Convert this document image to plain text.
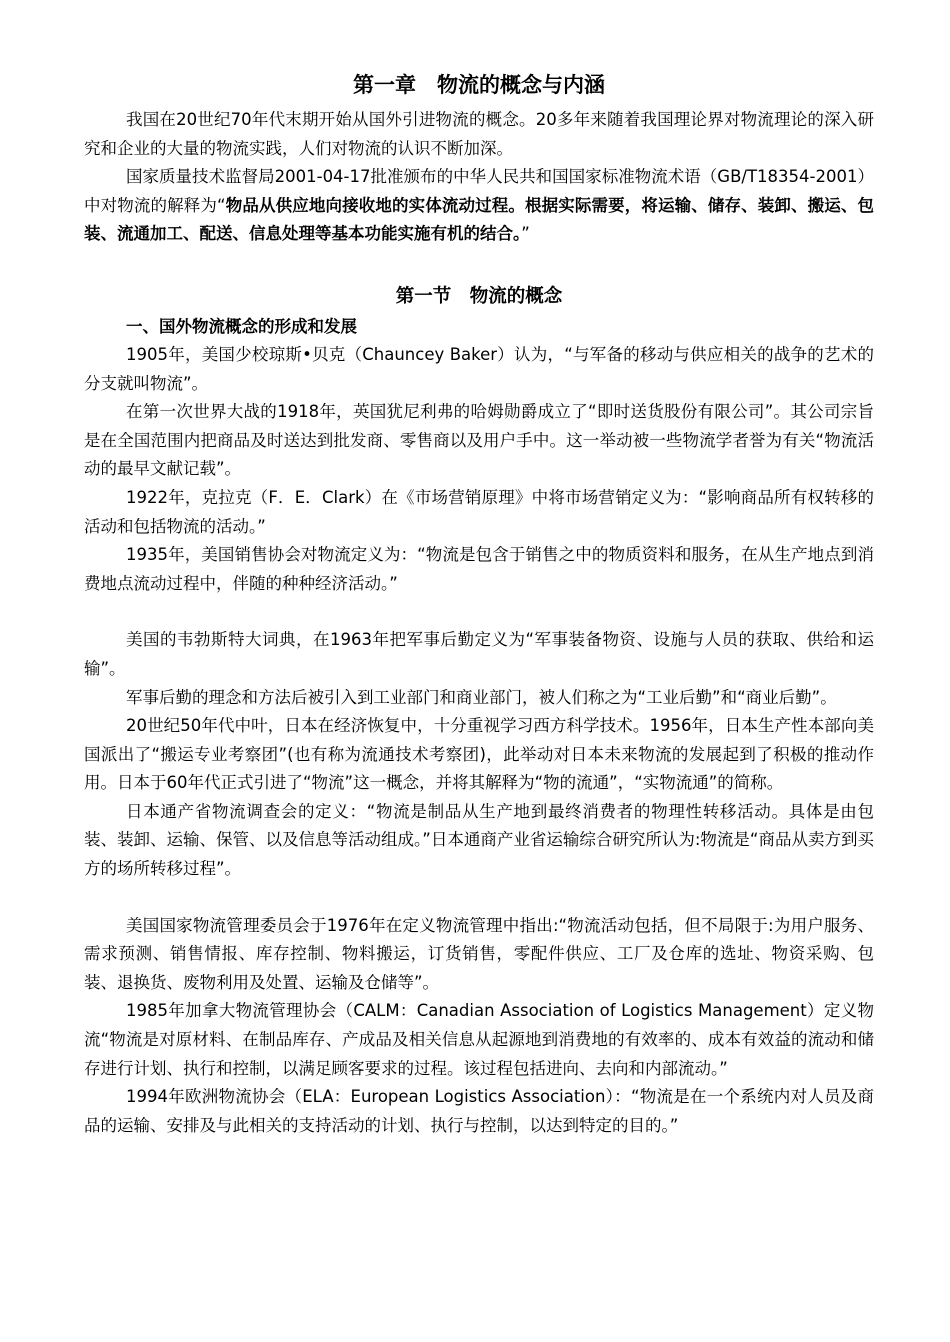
第一章　物流的概念与内涵

我国在20世纪70年代末期开始从国外引进物流的概念。20多年来随着我国理论界对物流理论的深入研究和企业的大量的物流实践，人们对物流的认识不断加深。

国家质量技术监督局2001-04-17批准颁布的中华人民共和国国家标准物流术语（GB/T18354-2001）中对物流的解释为“物品从供应地向接收地的实体流动过程。根据实际需要，将运输、储存、装卸、搬运、包装、流通加工、配送、信息处理等基本功能实施有机的结合。”

第一节　物流的概念
一、国外物流概念的形成和发展

1905年，美国少校琼斯•贝克（Chauncey Baker）认为，“与军备的移动与供应相关的战争的艺术的分支就叫物流”。

在第一次世界大战的1918年，英国犹尼利弗的哈姆勋爵成立了“即时送货股份有限公司”。其公司宗旨是在全国范围内把商品及时送达到批发商、零售商以及用户手中。这一举动被一些物流学者誉为有关“物流活动的最早文献记载”。

1922年，克拉克（F．E．Clark）在《市场营销原理》中将市场营销定义为：“影响商品所有权转移的活动和包括物流的活动。”

1935年，美国销售协会对物流定义为：“物流是包含于销售之中的物质资料和服务，在从生产地点到消费地点流动过程中，伴随的种种经济活动。”

美国的韦勃斯特大词典，在1963年把军事后勤定义为“军事装备物资、设施与人员的获取、供给和运输”。

军事后勤的理念和方法后被引入到工业部门和商业部门，被人们称之为“工业后勤”和“商业后勤”。

20世纪50年代中叶，日本在经济恢复中，十分重视学习西方科学技术。1956年，日本生产性本部向美国派出了“搬运专业考察团”(也有称为流通技术考察团)，此举动对日本未来物流的发展起到了积极的推动作用。日本于60年代正式引进了“物流”这一概念，并将其解释为“物的流通”，“实物流通”的简称。

日本通产省物流调查会的定义：“物流是制品从生产地到最终消费者的物理性转移活动。具体是由包装、装卸、运输、保管、以及信息等活动组成。”日本通商产业省运输综合研究所认为:物流是“商品从卖方到买方的场所转移过程”。

美国国家物流管理委员会于1976年在定义物流管理中指出:“物流活动包括，但不局限于:为用户服务、需求预测、销售情报、库存控制、物料搬运，订货销售，零配件供应、工厂及仓库的选址、物资采购、包装、退换货、废物利用及处置、运输及仓储等”。

1985年加拿大物流管理协会（CALM：Canadian Association of Logistics Management）定义物流“物流是对原材料、在制品库存、产成品及相关信息从起源地到消费地的有效率的、成本有效益的流动和储存进行计划、执行和控制，以满足顾客要求的过程。该过程包括进向、去向和内部流动。”

1994年欧洲物流协会（ELA：European Logistics Association）：“物流是在一个系统内对人员及商品的运输、安排及与此相关的支持活动的计划、执行与控制，以达到特定的目的。”
